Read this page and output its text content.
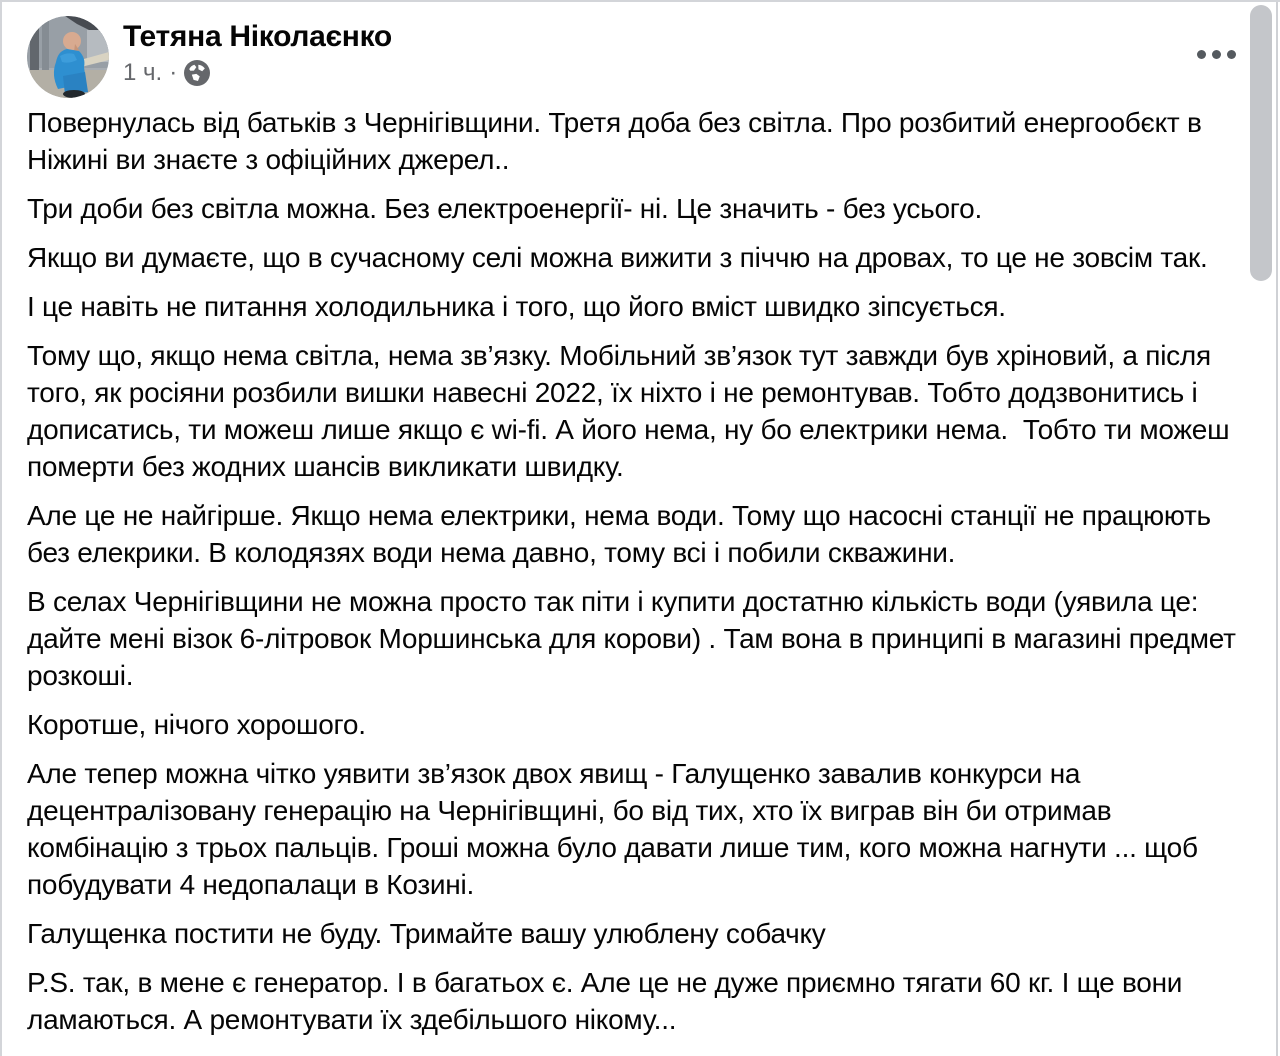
Тетяна Ніколаєнко
1 ч. ·

Повернулась від батьків з Чернігівщини. Третя доба без світла. Про розбитий енергообєкт в Ніжині ви знаєте з офіційних джерел..

Три доби без світла можна. Без електроенергії- ні. Це значить - без усього.

Якщо ви думаєте, що в сучасному селі можна вижити з піччю на дровах, то це не зовсім так.

І це навіть не питання холодильника і того, що його вміст швидко зіпсується.

Тому що, якщо нема світла, нема зв’язку. Мобільний зв’язок тут завжди був хріновий, а після того, як росіяни розбили вишки навесні 2022, їх ніхто і не ремонтував. Тобто додзвонитись і дописатись, ти можеш лише якщо є wi-fi. А його нема, ну бо електрики нема.  Тобто ти можеш померти без жодних шансів викликати швидку.

Але це не найгірше. Якщо нема електрики, нема води. Тому що насосні станції не працюють без елекрики. В колодязях води нема давно, тому всі і побили скважини.

В селах Чернігівщини не можна просто так піти і купити достатню кількість води (уявила це: дайте мені візок 6-літровок Моршинська для корови) . Там вона в принципі в магазині предмет розкоші.

Коротше, нічого хорошого.

Але тепер можна чітко уявити зв’язок двох явищ - Галущенко завалив конкурси на децентралізовану генерацію на Чернігівщині, бо від тих, хто їх виграв він би отримав комбінацію з трьох пальців. Гроші можна було давати лише тим, кого можна нагнути ... щоб побудувати 4 недопалаци в Козині.

Галущенка постити не буду. Тримайте вашу улюблену собачку

P.S. так, в мене є генератор. І в багатьох є. Але це не дуже приємно тягати 60 кг. І ще вони ламаються. А ремонтувати їх здебільшого нікому...
